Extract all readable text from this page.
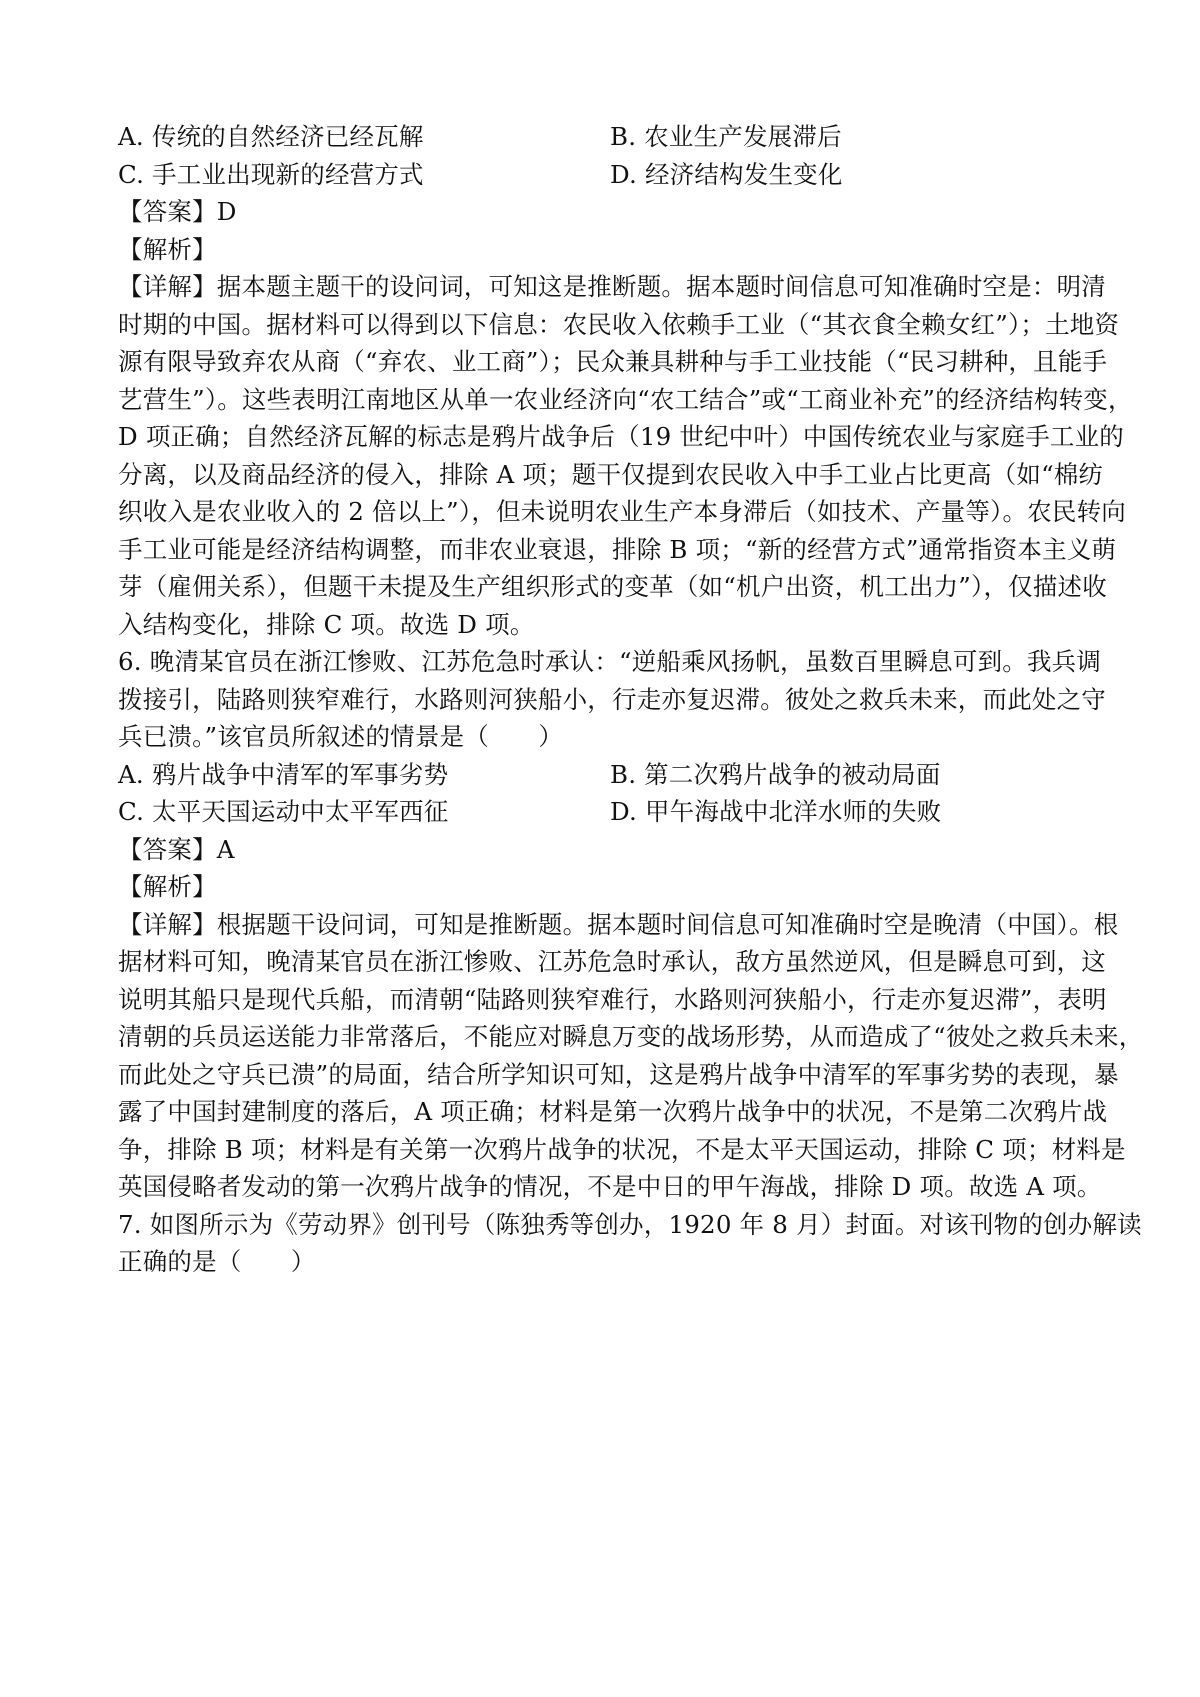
A. 传统的自然经济已经瓦解	B. 农业生产发展滞后
C. 手工业出现新的经营方式	D. 经济结构发生变化
【答案】D
【解析】
【详解】据本题主题干的设问词，可知这是推断题。据本题时间信息可知准确时空是：明清
时期的中国。据材料可以得到以下信息：农民收入依赖手工业（“其衣食全赖女红”）；土地资
源有限导致弃农从商（“弃农、业工商”）；民众兼具耕种与手工业技能（“民习耕种，且能手
艺营生”）。这些表明江南地区从单一农业经济向“农工结合”或“工商业补充”的经济结构转变，
D 项正确；自然经济瓦解的标志是鸦片战争后（19 世纪中叶）中国传统农业与家庭手工业的
分离，以及商品经济的侵入，排除 A 项；题干仅提到农民收入中手工业占比更高（如“棉纺
织收入是农业收入的 2 倍以上”），但未说明农业生产本身滞后（如技术、产量等）。农民转向
手工业可能是经济结构调整，而非农业衰退，排除 B 项；“新的经营方式”通常指资本主义萌
芽（雇佣关系），但题干未提及生产组织形式的变革（如“机户出资，机工出力”），仅描述收
入结构变化，排除 C 项。故选 D 项。
6. 晚清某官员在浙江惨败、江苏危急时承认：“逆船乘风扬帆，虽数百里瞬息可到。我兵调
拨接引，陆路则狭窄难行，水路则河狭船小，行走亦复迟滞。彼处之救兵未来，而此处之守
兵已溃。”该官员所叙述的情景是（　　）
A. 鸦片战争中清军的军事劣势	B. 第二次鸦片战争的被动局面
C. 太平天国运动中太平军西征	D. 甲午海战中北洋水师的失败
【答案】A
【解析】
【详解】根据题干设问词，可知是推断题。据本题时间信息可知准确时空是晚清（中国）。根
据材料可知，晚清某官员在浙江惨败、江苏危急时承认，敌方虽然逆风，但是瞬息可到，这
说明其船只是现代兵船，而清朝“陆路则狭窄难行，水路则河狭船小，行走亦复迟滞”，表明
清朝的兵员运送能力非常落后，不能应对瞬息万变的战场形势，从而造成了“彼处之救兵未来，
而此处之守兵已溃”的局面，结合所学知识可知，这是鸦片战争中清军的军事劣势的表现，暴
露了中国封建制度的落后，A 项正确；材料是第一次鸦片战争中的状况，不是第二次鸦片战
争，排除 B 项；材料是有关第一次鸦片战争的状况，不是太平天国运动，排除 C 项；材料是
英国侵略者发动的第一次鸦片战争的情况，不是中日的甲午海战，排除 D 项。故选 A 项。
7. 如图所示为《劳动界》创刊号（陈独秀等创办，1920 年 8 月）封面。对该刊物的创办解读
正确的是（　　）
